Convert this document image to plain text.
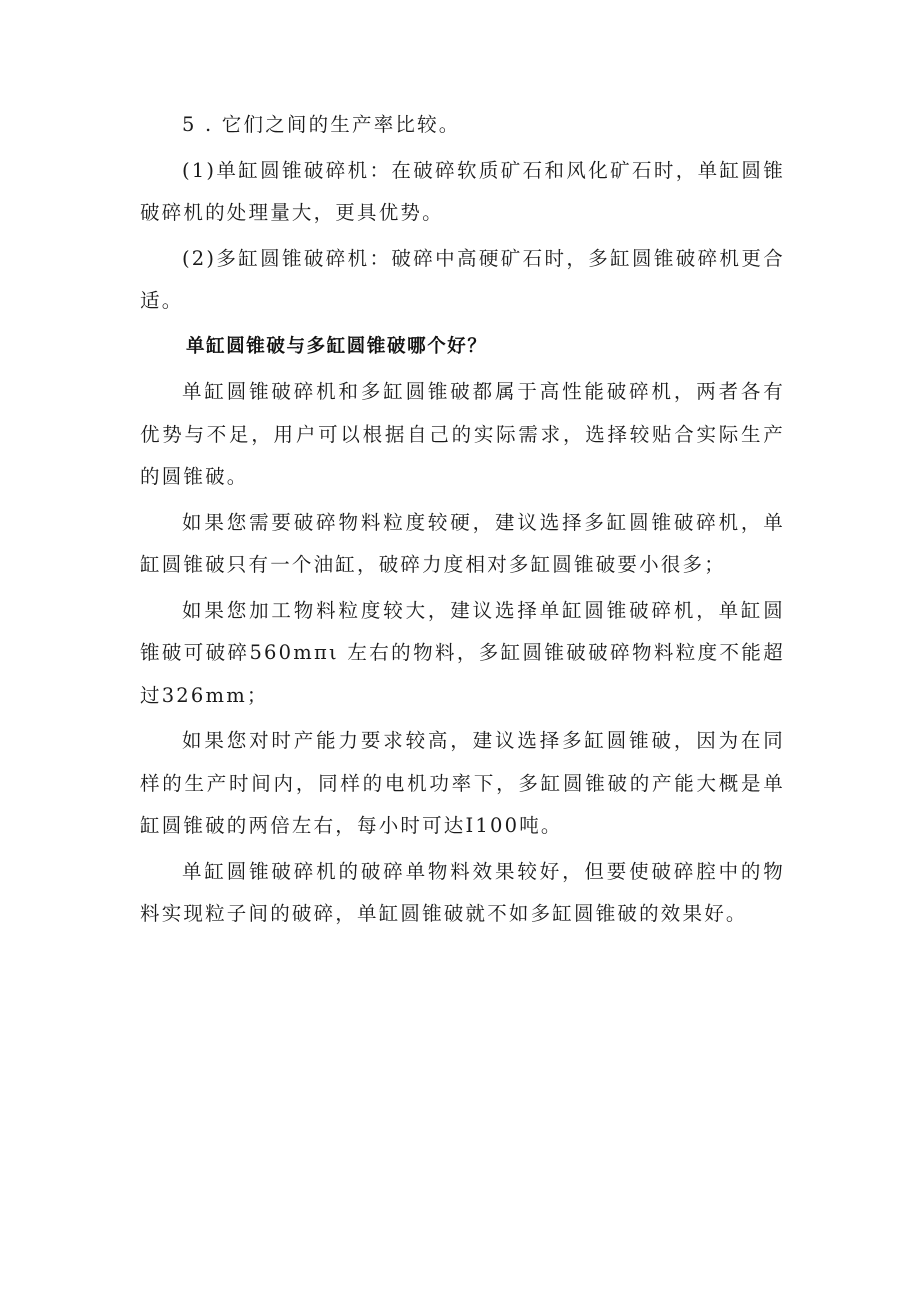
5 . 它们之间的生产率比较。

(1)单缸圆锥破碎机：在破碎软质矿石和风化矿石时，单缸圆锥破碎机的处理量大，更具优势。

(2)多缸圆锥破碎机：破碎中高硬矿石时，多缸圆锥破碎机更合适。

单缸圆锥破与多缸圆锥破哪个好？

单缸圆锥破碎机和多缸圆锥破都属于高性能破碎机，两者各有优势与不足，用户可以根据自己的实际需求，选择较贴合实际生产的圆锥破。

如果您需要破碎物料粒度较硬，建议选择多缸圆锥破碎机，单缸圆锥破只有一个油缸，破碎力度相对多缸圆锥破要小很多；

如果您加工物料粒度较大，建议选择单缸圆锥破碎机，单缸圆锥破可破碎560mπι 左右的物料，多缸圆锥破破碎物料粒度不能超过326mm；

如果您对时产能力要求较高，建议选择多缸圆锥破，因为在同样的生产时间内，同样的电机功率下，多缸圆锥破的产能大概是单缸圆锥破的两倍左右，每小时可达I100吨。

单缸圆锥破碎机的破碎单物料效果较好，但要使破碎腔中的物料实现粒子间的破碎，单缸圆锥破就不如多缸圆锥破的效果好。
